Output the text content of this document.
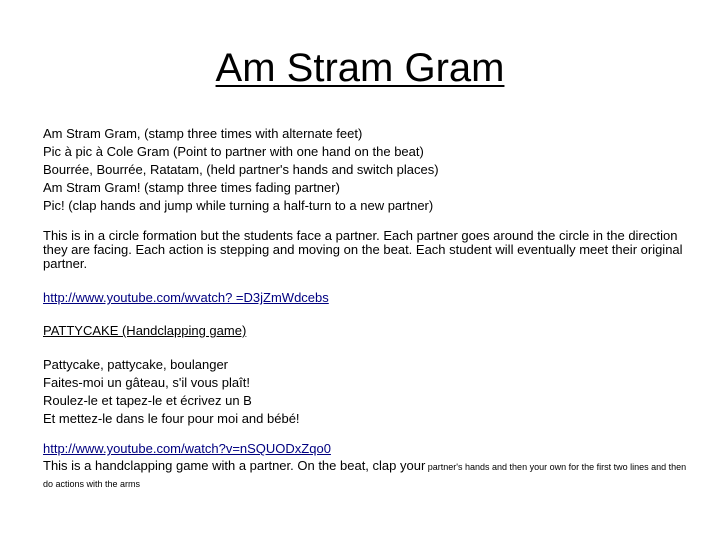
Am Stram Gram

Am Stram Gram, (stamp three times with alternate feet)

Pic à pic à Cole Gram (Point to partner with one hand on the beat)

Bourrée, Bourrée, Ratatam, (held partner's hands and switch places)

Am Stram Gram! (stamp three times fading partner)

Pic! (clap hands and jump while turning a half-turn to a new partner)

This is in a circle formation but the students face a partner. Each partner goes around the circle in the direction they are facing. Each action is stepping and moving on the beat. Each student will eventually meet their original partner.

http://www.youtube.com/wvatch? =D3jZmWdcebs

PATTYCAKE (Handclapping game)

Pattycake, pattycake, boulanger

Faites-moi un gâteau, s'il vous plaît!

Roulez-le et tapez-le et écrivez un B

Et mettez-le dans le four pour moi and bébé!

http://www.youtube.com/watch?v=nSQUODxZqo0

This is a handclapping game with a partner. On the beat, clap your partner's hands and then your own for the first two lines and then do actions with the arms
